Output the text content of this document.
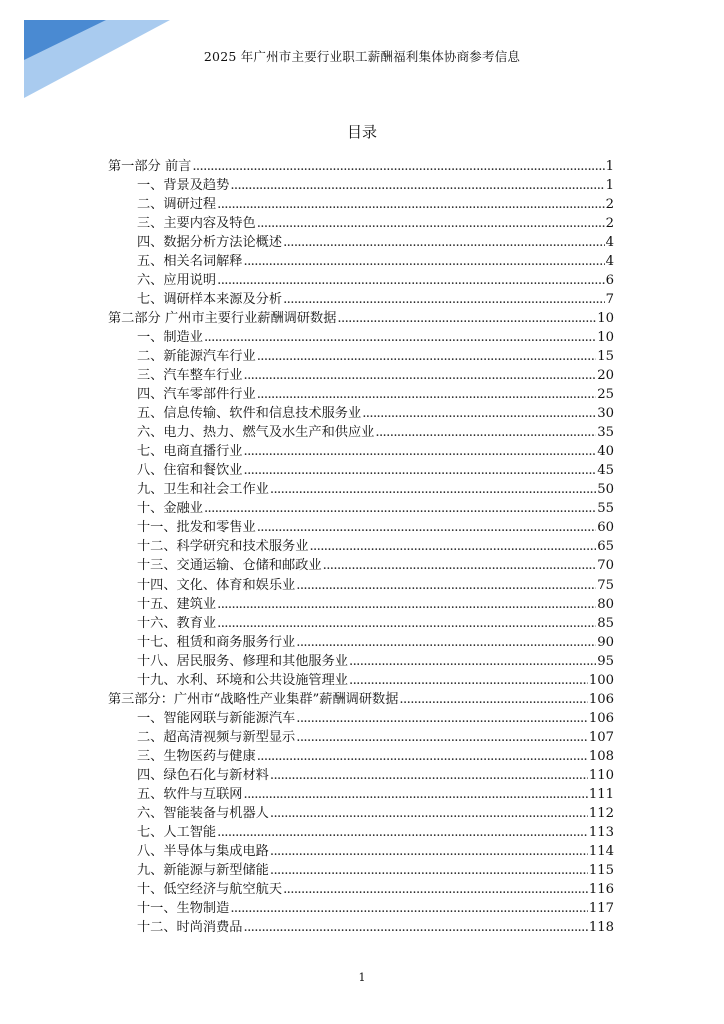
2025 年广州市主要行业职工薪酬福利集体协商参考信息
目录
第一部分 前言 .....	1
一、背景及趋势 .....	1
二、调研过程 .....	2
三、主要内容及特色 .....	2
四、数据分析方法论概述 .....	4
五、相关名词解释 .....	4
六、应用说明 .....	6
七、调研样本来源及分析 .....	7
第二部分 广州市主要行业薪酬调研数据 .....	10
一、制造业 .....	10
二、新能源汽车行业 .....	15
三、汽车整车行业 .....	20
四、汽车零部件行业 .....	25
五、信息传输、软件和信息技术服务业 .....	30
六、电力、热力、燃气及水生产和供应业 .....	35
七、电商直播行业 .....	40
八、住宿和餐饮业 .....	45
九、卫生和社会工作业 .....	50
十、金融业 .....	55
十一、批发和零售业 .....	60
十二、科学研究和技术服务业 .....	65
十三、交通运输、仓储和邮政业 .....	70
十四、文化、体育和娱乐业 .....	75
十五、建筑业 .....	80
十六、教育业 .....	85
十七、租赁和商务服务行业 .....	90
十八、居民服务、修理和其他服务业 .....	95
十九、水利、环境和公共设施管理业 .....	100
第三部分：广州市“战略性产业集群”薪酬调研数据 .....	106
一、智能网联与新能源汽车 .....	106
二、超高清视频与新型显示 .....	107
三、生物医药与健康 .....	108
四、绿色石化与新材料 .....	110
五、软件与互联网 .....	111
六、智能装备与机器人 .....	112
七、人工智能 .....	113
八、半导体与集成电路 .....	114
九、新能源与新型储能 .....	115
十、低空经济与航空航天 .....	116
十一、生物制造 .....	117
十二、时尚消费品 .....	118
1
